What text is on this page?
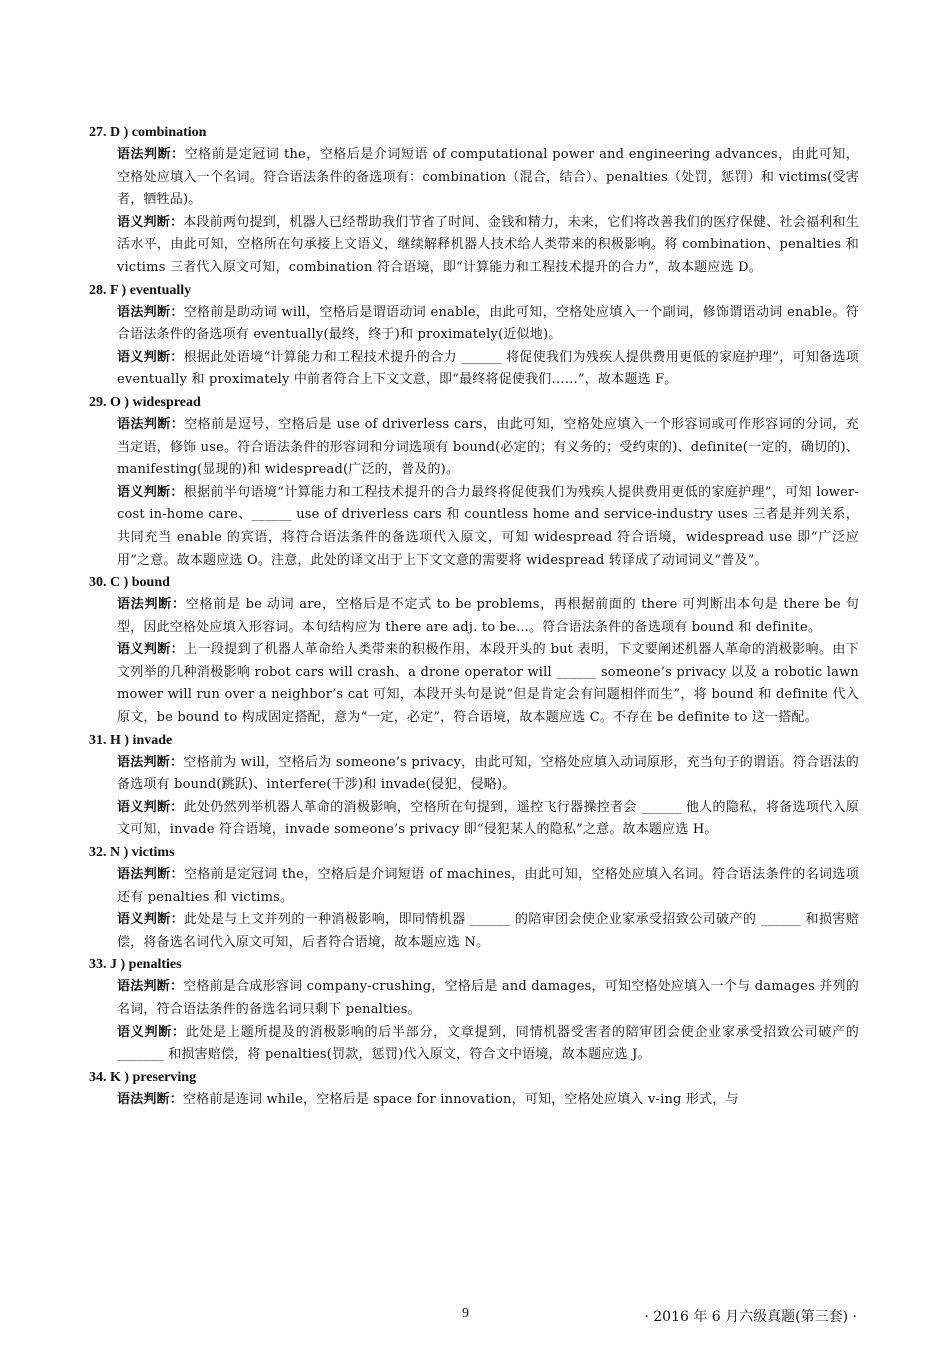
27. D ) combination
语法判断：空格前是定冠词 the，空格后是介词短语 of computational power and engineering advances，由此可知，空格处应填入一个名词。符合语法条件的备选项有：combination（混合，结合）、penalties（处罚，惩罚）和 victims(受害者，牺牲品)。
语义判断：本段前两句提到，机器人已经帮助我们节省了时间、金钱和精力，未来，它们将改善我们的医疗保健、社会福利和生活水平，由此可知，空格所在句承接上文语义，继续解释机器人技术给人类带来的积极影响。将 combination、penalties 和 victims 三者代入原文可知，combination 符合语境，即“计算能力和工程技术提升的合力”，故本题应选 D。
28. F ) eventually
语法判断：空格前是助动词 will，空格后是谓语动词 enable，由此可知，空格处应填入一个副词，修饰谓语动词 enable。符合语法条件的备选项有 eventually(最终，终于)和 proximately(近似地)。
语义判断：根据此处语境“计算能力和工程技术提升的合力 ______ 将促使我们为残疾人提供费用更低的家庭护理”，可知备选项 eventually 和 proximately 中前者符合上下文文意，即“最终将促使我们……”，故本题选 F。
29. O ) widespread
语法判断：空格前是逗号，空格后是 use of driverless cars，由此可知，空格处应填入一个形容词或可作形容词的分词，充当定语，修饰 use。符合语法条件的形容词和分词选项有 bound(必定的；有义务的；受约束的)、definite(一定的，确切的)、manifesting(显现的)和 widespread(广泛的，普及的)。
语义判断：根据前半句语境“计算能力和工程技术提升的合力最终将促使我们为残疾人提供费用更低的家庭护理”，可知 lower-cost in-home care、______ use of driverless cars 和 countless home and service-industry uses 三者是并列关系，共同充当 enable 的宾语，将符合语法条件的备选项代入原文，可知 widespread 符合语境，widespread use 即“广泛应用”之意。故本题应选 O。注意，此处的译文出于上下文文意的需要将 widespread 转译成了动词词义“普及”。
30. C ) bound
语法判断：空格前是 be 动词 are，空格后是不定式 to be problems，再根据前面的 there 可判断出本句是 there be 句型，因此空格处应填入形容词。本句结构应为 there are adj. to be...。符合语法条件的备选项有 bound 和 definite。
语义判断：上一段提到了机器人革命给人类带来的积极作用，本段开头的 but 表明，下文要阐述机器人革命的消极影响。由下文列举的几种消极影响 robot cars will crash、a drone operator will ______ someone’s privacy 以及 a robotic lawn mower will run over a neighbor’s cat 可知，本段开头句是说“但是肯定会有问题相伴而生”，将 bound 和 definite 代入原文，be bound to 构成固定搭配，意为“一定，必定”，符合语境，故本题应选 C。不存在 be definite to 这一搭配。
31. H ) invade
语法判断：空格前为 will，空格后为 someone’s privacy，由此可知，空格处应填入动词原形，充当句子的谓语。符合语法的备选项有 bound(跳跃)、interfere(干涉)和 invade(侵犯，侵略)。
语义判断：此处仍然列举机器人革命的消极影响，空格所在句提到，遥控飞行器操控者会 ______ 他人的隐私，将备选项代入原文可知，invade 符合语境，invade someone’s privacy 即“侵犯某人的隐私”之意。故本题应选 H。
32. N ) victims
语法判断：空格前是定冠词 the，空格后是介词短语 of machines，由此可知，空格处应填入名词。符合语法条件的名词选项还有 penalties 和 victims。
语义判断：此处是与上文并列的一种消极影响，即同情机器 ______ 的陪审团会使企业家承受招致公司破产的 ______ 和损害赔偿，将备选名词代入原文可知，后者符合语境，故本题应选 N。
33. J ) penalties
语法判断：空格前是合成形容词 company-crushing，空格后是 and damages，可知空格处应填入一个与 damages 并列的名词，符合语法条件的备选名词只剩下 penalties。
语义判断：此处是上题所提及的消极影响的后半部分，文章提到，同情机器受害者的陪审团会使企业家承受招致公司破产的 _______ 和损害赔偿，将 penalties(罚款，惩罚)代入原文，符合文中语境，故本题应选 J。
34. K ) preserving
语法判断：空格前是连词 while，空格后是 space for innovation，可知，空格处应填入 v-ing 形式，与
9	· 2016 年 6 月六级真题(第三套) ·
